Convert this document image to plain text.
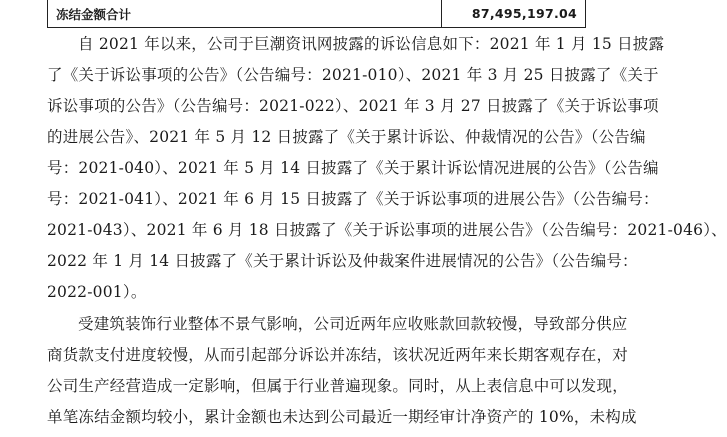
冻结金额合计	87,495,197.04
自 2021 年以来，公司于巨潮资讯网披露的诉讼信息如下：2021 年 1 月 15 日披露
了《关于诉讼事项的公告》（公告编号：2021-010）、2021 年 3 月 25 日披露了《关于
诉讼事项的公告》（公告编号：2021-022）、2021 年 3 月 27 日披露了《关于诉讼事项
的进展公告》、2021 年 5 月 12 日披露了《关于累计诉讼、仲裁情况的公告》（公告编
号：2021-040）、2021 年 5 月 14 日披露了《关于累计诉讼情况进展的公告》（公告编
号：2021-041）、2021 年 6 月 15 日披露了《关于诉讼事项的进展公告》（公告编号：
2021-043）、2021 年 6 月 18 日披露了《关于诉讼事项的进展公告》（公告编号：2021-046）、
2022 年 1 月 14 日披露了《关于累计诉讼及仲裁案件进展情况的公告》（公告编号：
2022-001）。
受建筑装饰行业整体不景气影响，公司近两年应收账款回款较慢，导致部分供应
商货款支付进度较慢，从而引起部分诉讼并冻结，该状况近两年来长期客观存在，对
公司生产经营造成一定影响，但属于行业普遍现象。同时，从上表信息中可以发现，
单笔冻结金额均较小，累计金额也未达到公司最近一期经审计净资产的 10%，未构成
